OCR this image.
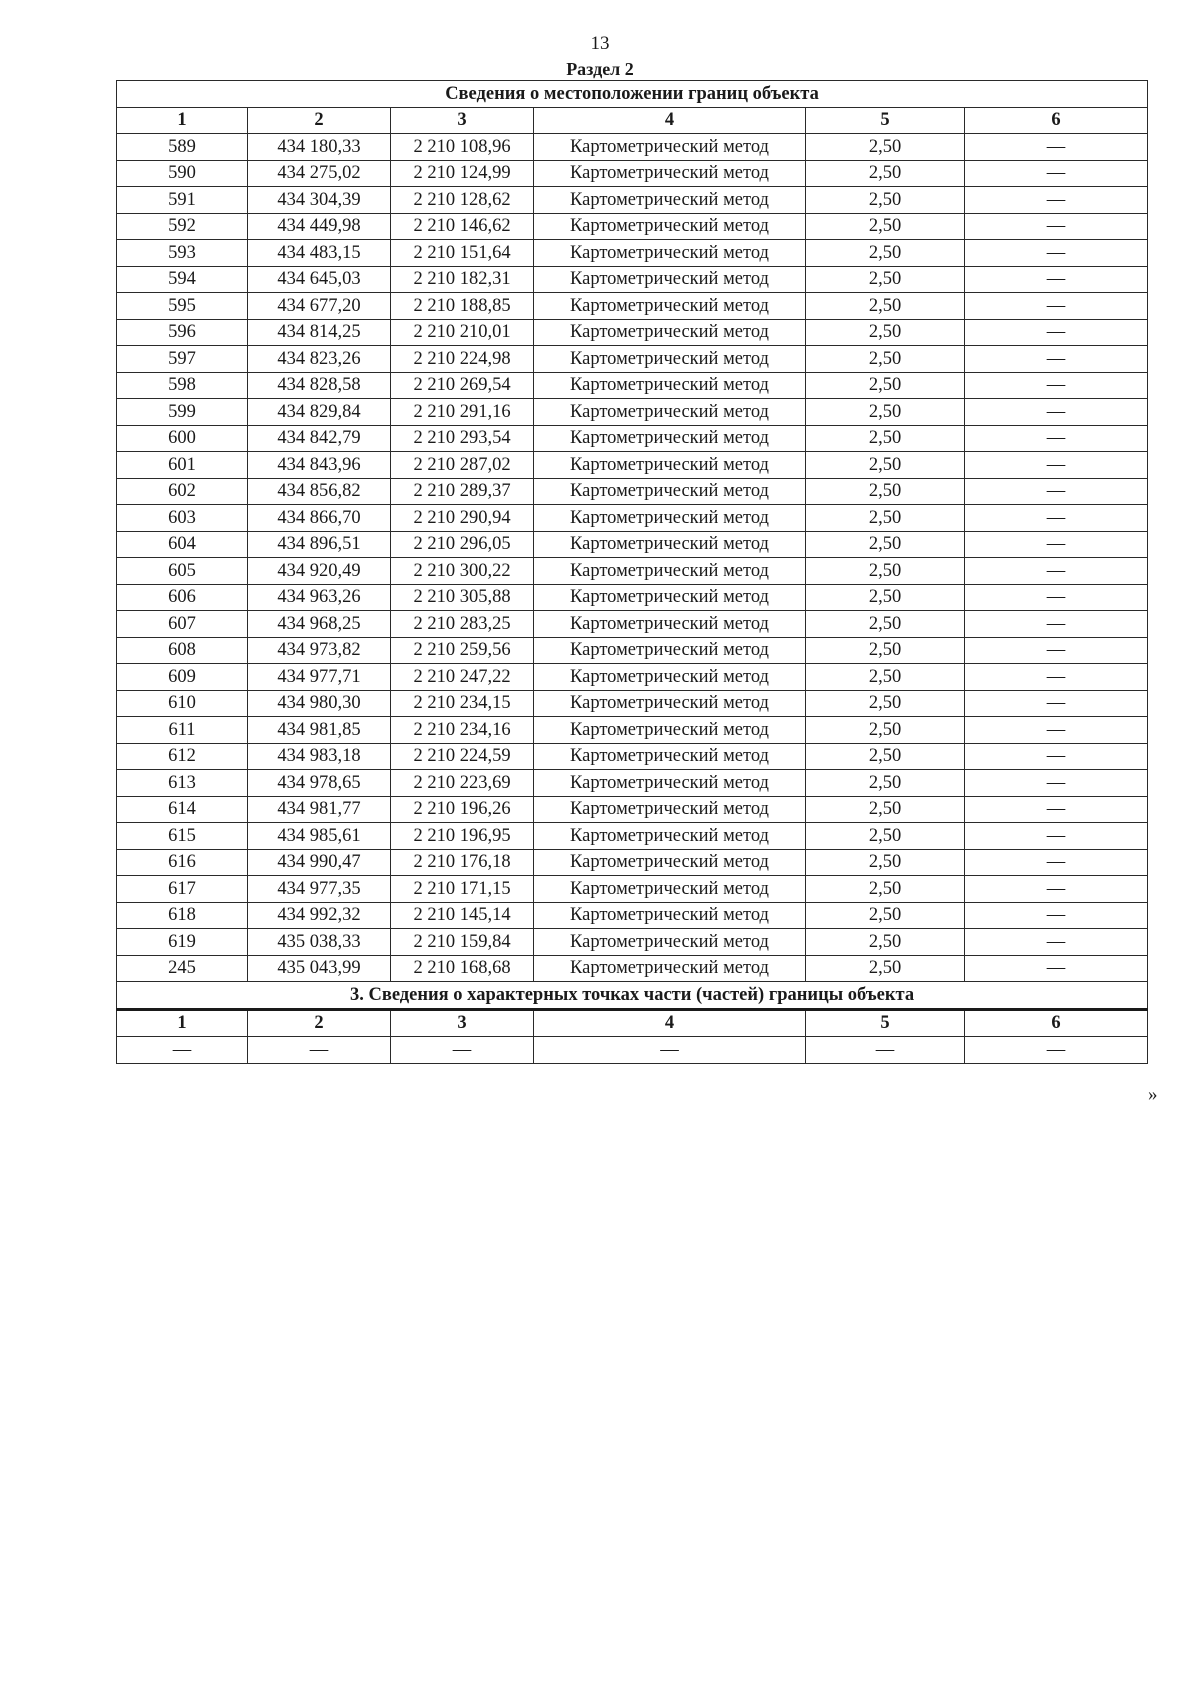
13
Раздел 2
Сведения о местоположении границ объекта					
1	2	3	4	5	6
589	434 180,33	2 210 108,96	Картометрический метод	2,50	—
590	434 275,02	2 210 124,99	Картометрический метод	2,50	—
591	434 304,39	2 210 128,62	Картометрический метод	2,50	—
592	434 449,98	2 210 146,62	Картометрический метод	2,50	—
593	434 483,15	2 210 151,64	Картометрический метод	2,50	—
594	434 645,03	2 210 182,31	Картометрический метод	2,50	—
595	434 677,20	2 210 188,85	Картометрический метод	2,50	—
596	434 814,25	2 210 210,01	Картометрический метод	2,50	—
597	434 823,26	2 210 224,98	Картометрический метод	2,50	—
598	434 828,58	2 210 269,54	Картометрический метод	2,50	—
599	434 829,84	2 210 291,16	Картометрический метод	2,50	—
600	434 842,79	2 210 293,54	Картометрический метод	2,50	—
601	434 843,96	2 210 287,02	Картометрический метод	2,50	—
602	434 856,82	2 210 289,37	Картометрический метод	2,50	—
603	434 866,70	2 210 290,94	Картометрический метод	2,50	—
604	434 896,51	2 210 296,05	Картометрический метод	2,50	—
605	434 920,49	2 210 300,22	Картометрический метод	2,50	—
606	434 963,26	2 210 305,88	Картометрический метод	2,50	—
607	434 968,25	2 210 283,25	Картометрический метод	2,50	—
608	434 973,82	2 210 259,56	Картометрический метод	2,50	—
609	434 977,71	2 210 247,22	Картометрический метод	2,50	—
610	434 980,30	2 210 234,15	Картометрический метод	2,50	—
611	434 981,85	2 210 234,16	Картометрический метод	2,50	—
612	434 983,18	2 210 224,59	Картометрический метод	2,50	—
613	434 978,65	2 210 223,69	Картометрический метод	2,50	—
614	434 981,77	2 210 196,26	Картометрический метод	2,50	—
615	434 985,61	2 210 196,95	Картометрический метод	2,50	—
616	434 990,47	2 210 176,18	Картометрический метод	2,50	—
617	434 977,35	2 210 171,15	Картометрический метод	2,50	—
618	434 992,32	2 210 145,14	Картометрический метод	2,50	—
619	435 038,33	2 210 159,84	Картометрический метод	2,50	—
245	435 043,99	2 210 168,68	Картометрический метод	2,50	—
3. Сведения о характерных точках части (частей) границы объекта					
1	2	3	4	5	6
—	—	—	—	—	—
»
